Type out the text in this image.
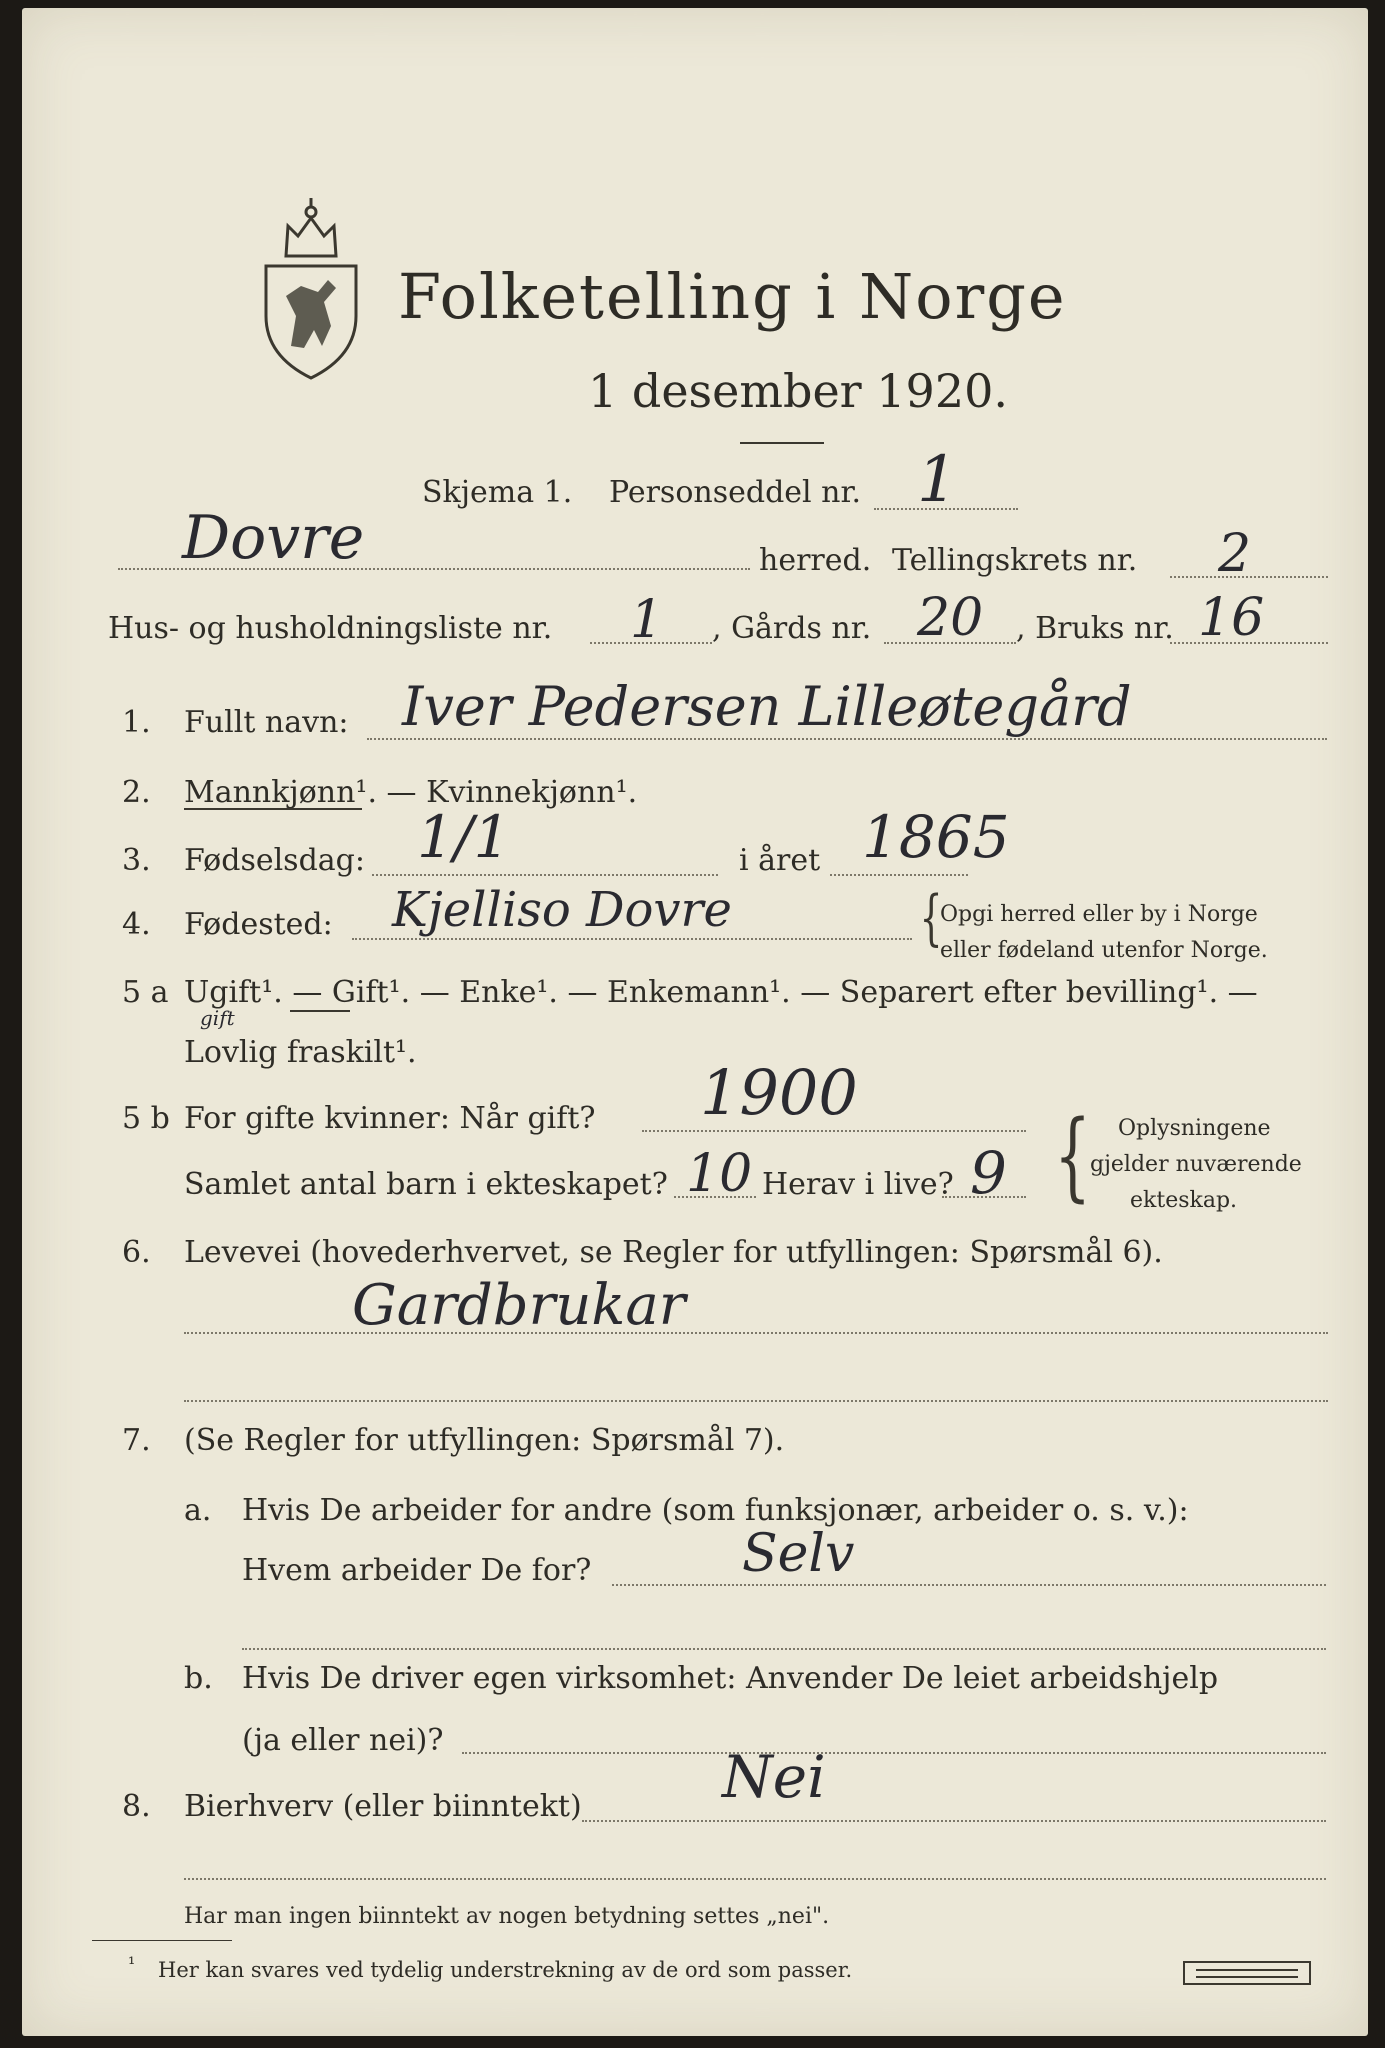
Folketelling i Norge
1 desember 1920.
Skjema 1. Personseddel nr. 1
Dovre	herred. Tellingskrets nr. 2
Hus- og husholdningsliste nr. 1 , Gårds nr. 20 , Bruks nr. 16
1. Fullt navn: Iver Pedersen Lilleøtegård
2. Mannkjønn¹. — Kvinnekjønn¹.
3. Fødselsdag: 1/1	i året 1865
4. Fødested: Kjelliso Dovre	{
Opgi herred eller by i Norge
eller fødeland utenfor Norge.
5 a Ugift¹. — Gift¹. — Enke¹. — Enkemann¹. — Separert efter bevilling¹. —
gift
Lovlig fraskilt¹.
5 b For gifte kvinner: Når gift? 1900
Samlet antal barn i ekteskapet? 10 Herav i live? 9 { Oplysningene
gjelder nuværende
ekteskap.
6. Levevei (hovederhvervet, se Regler for utfyllingen: Spørsmål 6).
Gardbrukar
7. (Se Regler for utfyllingen: Spørsmål 7).
a. Hvis De arbeider for andre (som funksjonær, arbeider o. s. v.):
Hvem arbeider De for?	Selv
b. Hvis De driver egen virksomhet: Anvender De leiet arbeidshjelp
(ja eller nei)?
8. Bierhverv (eller biinntekt) Nei
Har man ingen biinntekt av nogen betydning settes „nei".
¹ Her kan svares ved tydelig understrekning av de ord som passer.
